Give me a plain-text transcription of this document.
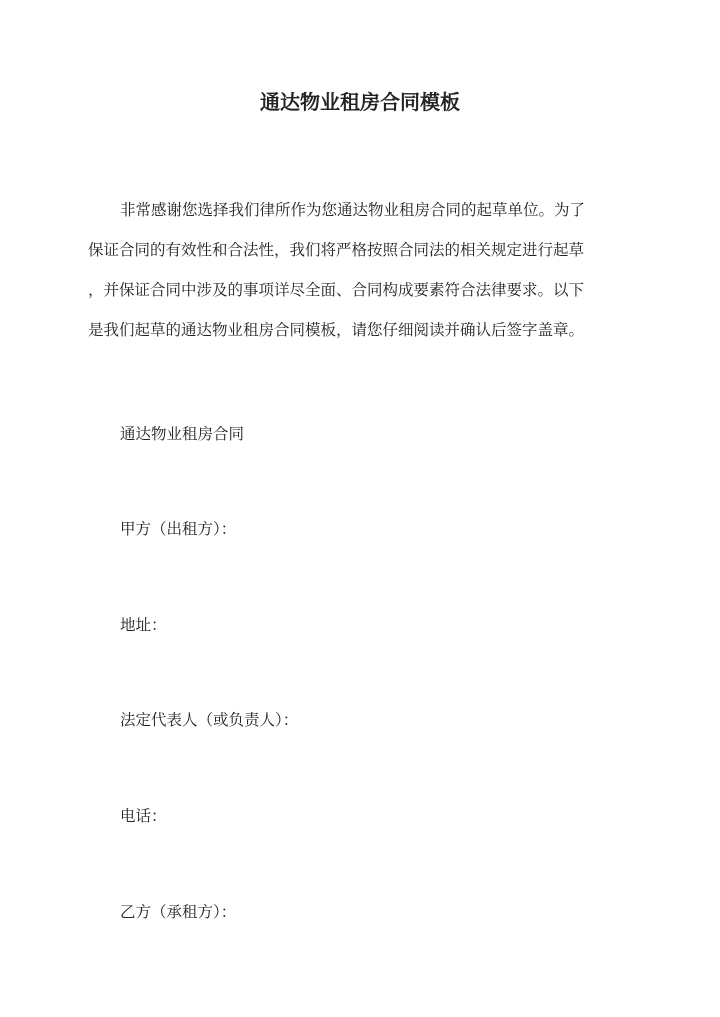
通达物业租房合同模板
非常感谢您选择我们律所作为您通达物业租房合同的起草单位。为了
保证合同的有效性和合法性，我们将严格按照合同法的相关规定进行起草
，并保证合同中涉及的事项详尽全面、合同构成要素符合法律要求。以下
是我们起草的通达物业租房合同模板，请您仔细阅读并确认后签字盖章。
通达物业租房合同
甲方（出租方）：
地址：
法定代表人（或负责人）：
电话：
乙方（承租方）：
